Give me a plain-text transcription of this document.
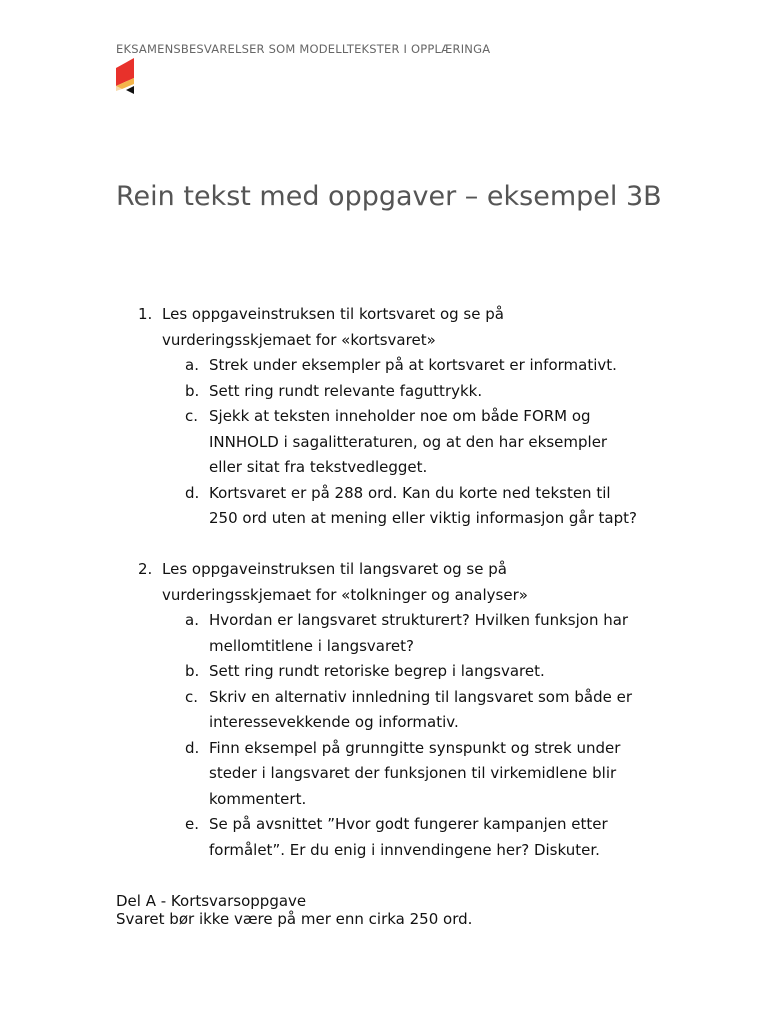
EKSAMENSBESVARELSER SOM MODELLTEKSTER I OPPLÆRINGA
Rein tekst med oppgaver – eksempel 3B
1. Les oppgaveinstruksen til kortsvaret og se på
vurderingsskjemaet for «kortsvaret»
a. Strek under eksempler på at kortsvaret er informativt.
b. Sett ring rundt relevante faguttrykk.
c. Sjekk at teksten inneholder noe om både FORM og
INNHOLD i sagalitteraturen, og at den har eksempler
eller sitat fra tekstvedlegget.
d. Kortsvaret er på 288 ord. Kan du korte ned teksten til
250 ord uten at mening eller viktig informasjon går tapt?
2. Les oppgaveinstruksen til langsvaret og se på
vurderingsskjemaet for «tolkninger og analyser»
a. Hvordan er langsvaret strukturert? Hvilken funksjon har
mellomtitlene i langsvaret?
b. Sett ring rundt retoriske begrep i langsvaret.
c. Skriv en alternativ innledning til langsvaret som både er
interessevekkende og informativ.
d. Finn eksempel på grunngitte synspunkt og strek under
steder i langsvaret der funksjonen til virkemidlene blir
kommentert.
e. Se på avsnittet ”Hvor godt fungerer kampanjen etter
formålet”. Er du enig i innvendingene her? Diskuter.
Del A - Kortsvarsoppgave
Svaret bør ikke være på mer enn cirka 250 ord.
